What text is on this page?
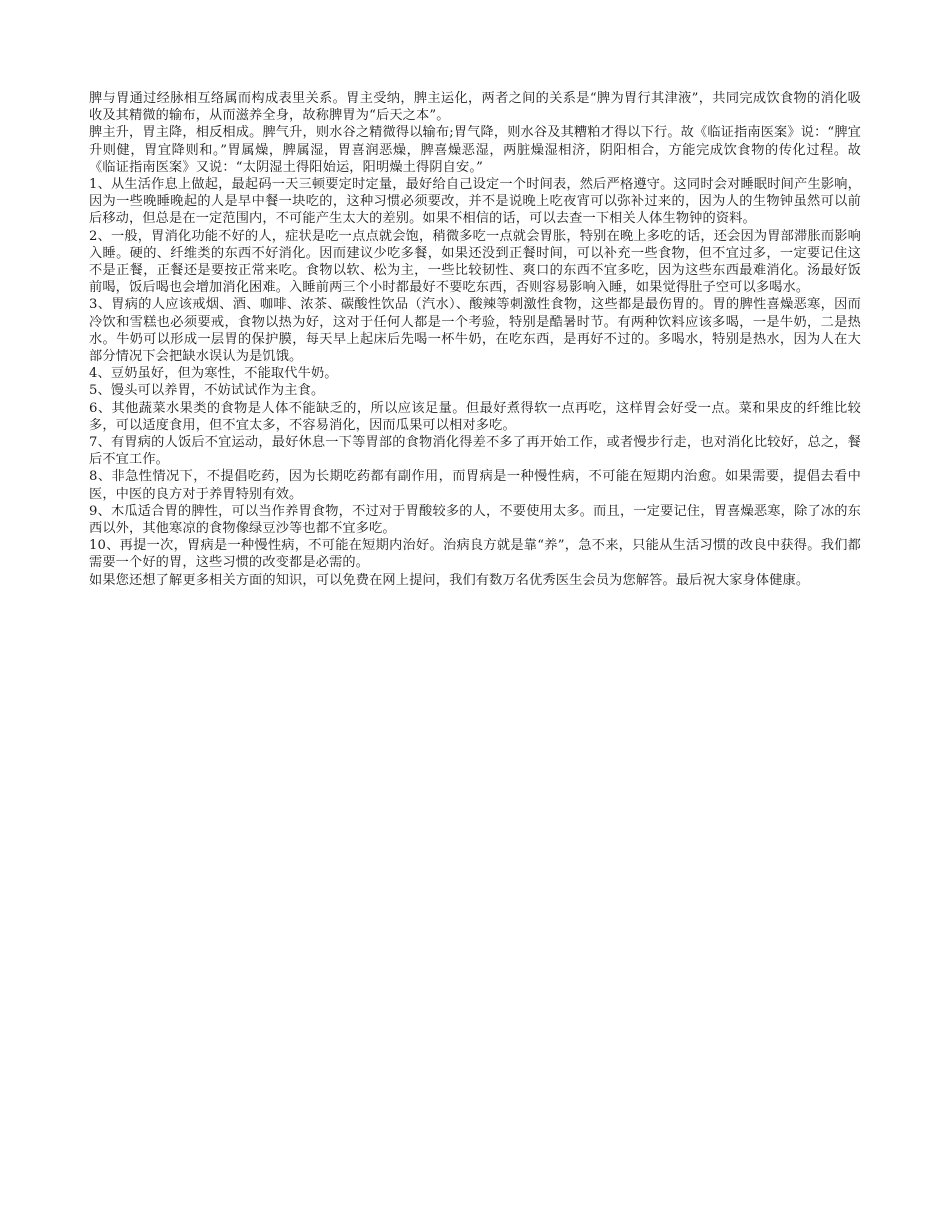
脾与胃通过经脉相互络属而构成表里关系。胃主受纳，脾主运化，两者之间的关系是“脾为胃行其津液”，共同完成饮食物的消化吸收及其精微的输布，从而滋养全身，故称脾胃为“后天之本”。

脾主升，胃主降，相反相成。脾气升，则水谷之精微得以输布;胃气降，则水谷及其糟粕才得以下行。故《临证指南医案》说：“脾宜升则健，胃宜降则和。”胃属燥，脾属湿，胃喜润恶燥，脾喜燥恶湿，两脏燥湿相济，阴阳相合，方能完成饮食物的传化过程。故《临证指南医案》又说：“太阴湿土得阳始运，阳明燥土得阴自安。”

1、从生活作息上做起，最起码一天三顿要定时定量，最好给自己设定一个时间表，然后严格遵守。这同时会对睡眠时间产生影响，因为一些晚睡晚起的人是早中餐一块吃的，这种习惯必须要改，并不是说晚上吃夜宵可以弥补过来的，因为人的生物钟虽然可以前后移动，但总是在一定范围内，不可能产生太大的差别。如果不相信的话，可以去查一下相关人体生物钟的资料。

2、一般，胃消化功能不好的人，症状是吃一点点就会饱，稍微多吃一点就会胃胀，特别在晚上多吃的话，还会因为胃部滞胀而影响入睡。硬的、纤维类的东西不好消化。因而建议少吃多餐，如果还没到正餐时间，可以补充一些食物，但不宜过多，一定要记住这不是正餐，正餐还是要按正常来吃。食物以软、松为主，一些比较韧性、爽口的东西不宜多吃，因为这些东西最难消化。汤最好饭前喝，饭后喝也会增加消化困难。入睡前两三个小时都最好不要吃东西，否则容易影响入睡，如果觉得肚子空可以多喝水。

3、胃病的人应该戒烟、酒、咖啡、浓茶、碳酸性饮品（汽水）、酸辣等刺激性食物，这些都是最伤胃的。胃的脾性喜燥恶寒，因而冷饮和雪糕也必须要戒，食物以热为好，这对于任何人都是一个考验，特别是酷暑时节。有两种饮料应该多喝，一是牛奶，二是热水。牛奶可以形成一层胃的保护膜，每天早上起床后先喝一杯牛奶，在吃东西，是再好不过的。多喝水，特别是热水，因为人在大部分情况下会把缺水误认为是饥饿。

4、豆奶虽好，但为寒性，不能取代牛奶。

5、馒头可以养胃，不妨试试作为主食。

6、其他蔬菜水果类的食物是人体不能缺乏的，所以应该足量。但最好煮得软一点再吃，这样胃会好受一点。菜和果皮的纤维比较多，可以适度食用，但不宜太多，不容易消化，因而瓜果可以相对多吃。

7、有胃病的人饭后不宜运动，最好休息一下等胃部的食物消化得差不多了再开始工作，或者慢步行走，也对消化比较好，总之，餐后不宜工作。

8、非急性情况下，不提倡吃药，因为长期吃药都有副作用，而胃病是一种慢性病，不可能在短期内治愈。如果需要，提倡去看中医，中医的良方对于养胃特别有效。

9、木瓜适合胃的脾性，可以当作养胃食物，不过对于胃酸较多的人，不要使用太多。而且，一定要记住，胃喜燥恶寒，除了冰的东西以外，其他寒凉的食物像绿豆沙等也都不宜多吃。

10、再提一次，胃病是一种慢性病，不可能在短期内治好。治病良方就是靠“养”，急不来，只能从生活习惯的改良中获得。我们都需要一个好的胃，这些习惯的改变都是必需的。

如果您还想了解更多相关方面的知识，可以免费在网上提问，我们有数万名优秀医生会员为您解答。最后祝大家身体健康。
